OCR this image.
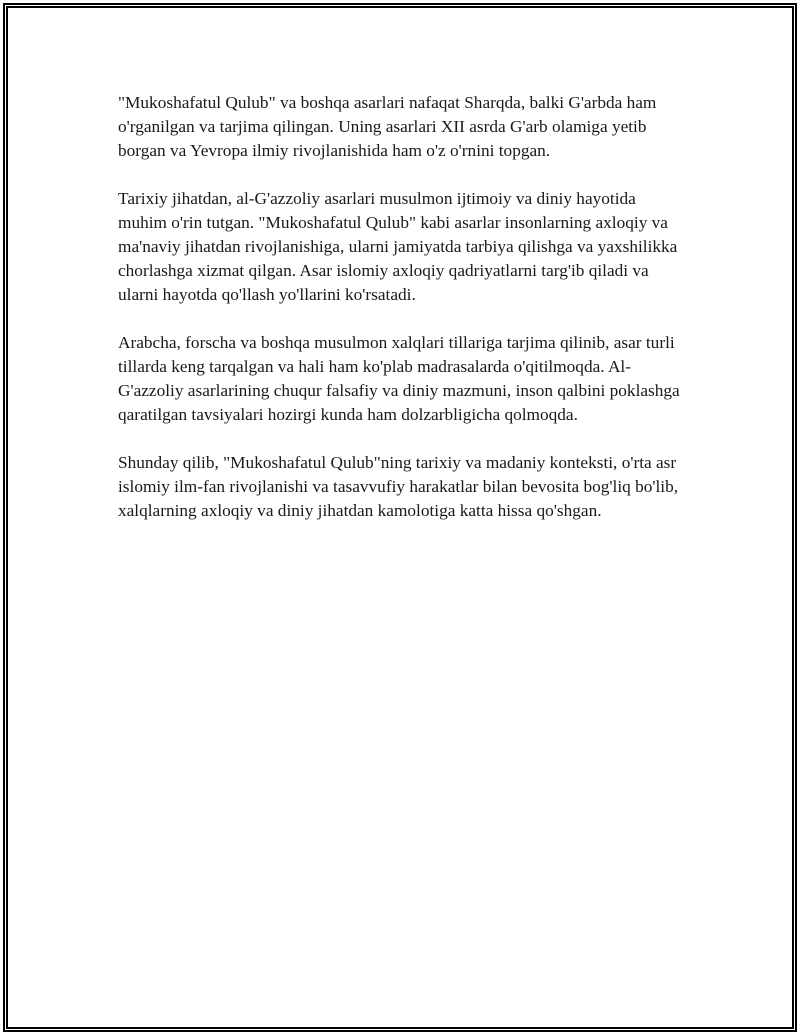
"Mukoshafatul Qulub" va boshqa asarlari nafaqat Sharqda, balki G'arbda ham o'rganilgan va tarjima qilingan. Uning asarlari XII asrda G'arb olamiga yetib borgan va Yevropa ilmiy rivojlanishida ham o'z o'rnini topgan.

Tarixiy jihatdan, al-G'azzoliy asarlari musulmon ijtimoiy va diniy hayotida muhim o'rin tutgan. "Mukoshafatul Qulub" kabi asarlar insonlarning axloqiy va ma'naviy jihatdan rivojlanishiga, ularni jamiyatda tarbiya qilishga va yaxshilikka chorlashga xizmat qilgan. Asar islomiy axloqiy qadriyatlarni targ'ib qiladi va ularni hayotda qo'llash yo'llarini ko'rsatadi.

Arabcha, forscha va boshqa musulmon xalqlari tillariga tarjima qilinib, asar turli tillarda keng tarqalgan va hali ham ko'plab madrasalarda o'qitilmoqda. Al-G'azzoliy asarlarining chuqur falsafiy va diniy mazmuni, inson qalbini poklashga qaratilgan tavsiyalari hozirgi kunda ham dolzarbligicha qolmoqda.

Shunday qilib, "Mukoshafatul Qulub"ning tarixiy va madaniy konteksti, o'rta asr islomiy ilm-fan rivojlanishi va tasavvufiy harakatlar bilan bevosita bog'liq bo'lib, xalqlarning axloqiy va diniy jihatdan kamolotiga katta hissa qo'shgan.
